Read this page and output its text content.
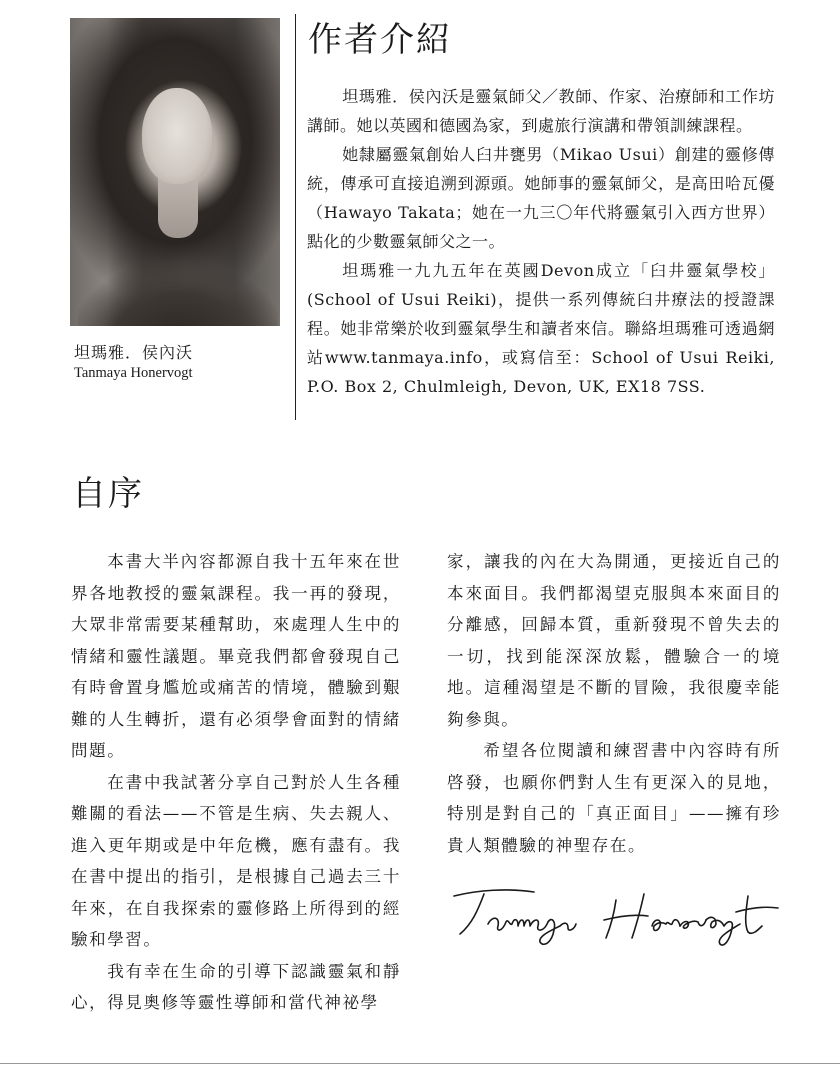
坦瑪雅．侯內沃
Tanmaya Honervogt
作者介紹

坦瑪雅．侯內沃是靈氣師父／教師、作家、治療師和工作坊講師。她以英國和德國為家，到處旅行演講和帶領訓練課程。

她隸屬靈氣創始人臼井甕男（Mikao Usui）創建的靈修傳統，傳承可直接追溯到源頭。她師事的靈氣師父，是高田哈瓦優（Hawayo Takata；她在一九三〇年代將靈氣引入西方世界）點化的少數靈氣師父之一。

坦瑪雅一九九五年在英國Devon成立「臼井靈氣學校」(School of Usui Reiki)，提供一系列傳統臼井療法的授證課程。她非常樂於收到靈氣學生和讀者來信。聯絡坦瑪雅可透過網站www.tanmaya.info，或寫信至：School of Usui Reiki, P.O. Box 2, Chulmleigh, Devon, UK, EX18 7SS.

自序

本書大半內容都源自我十五年來在世界各地教授的靈氣課程。我一再的發現，大眾非常需要某種幫助，來處理人生中的情緒和靈性議題。畢竟我們都會發現自己有時會置身尷尬或痛苦的情境，體驗到艱難的人生轉折，還有必須學會面對的情緒問題。

在書中我試著分享自己對於人生各種難關的看法——不管是生病、失去親人、進入更年期或是中年危機，應有盡有。我在書中提出的指引，是根據自己過去三十年來，在自我探索的靈修路上所得到的經驗和學習。

我有幸在生命的引導下認識靈氣和靜心，得見奧修等靈性導師和當代神祕學

家，讓我的內在大為開通，更接近自己的本來面目。我們都渴望克服與本來面目的分離感，回歸本質，重新發現不曾失去的一切，找到能深深放鬆，體驗合一的境地。這種渴望是不斷的冒險，我很慶幸能夠參與。

希望各位閱讀和練習書中內容時有所啓發，也願你們對人生有更深入的見地，特別是對自己的「真正面目」——擁有珍貴人類體驗的神聖存在。
